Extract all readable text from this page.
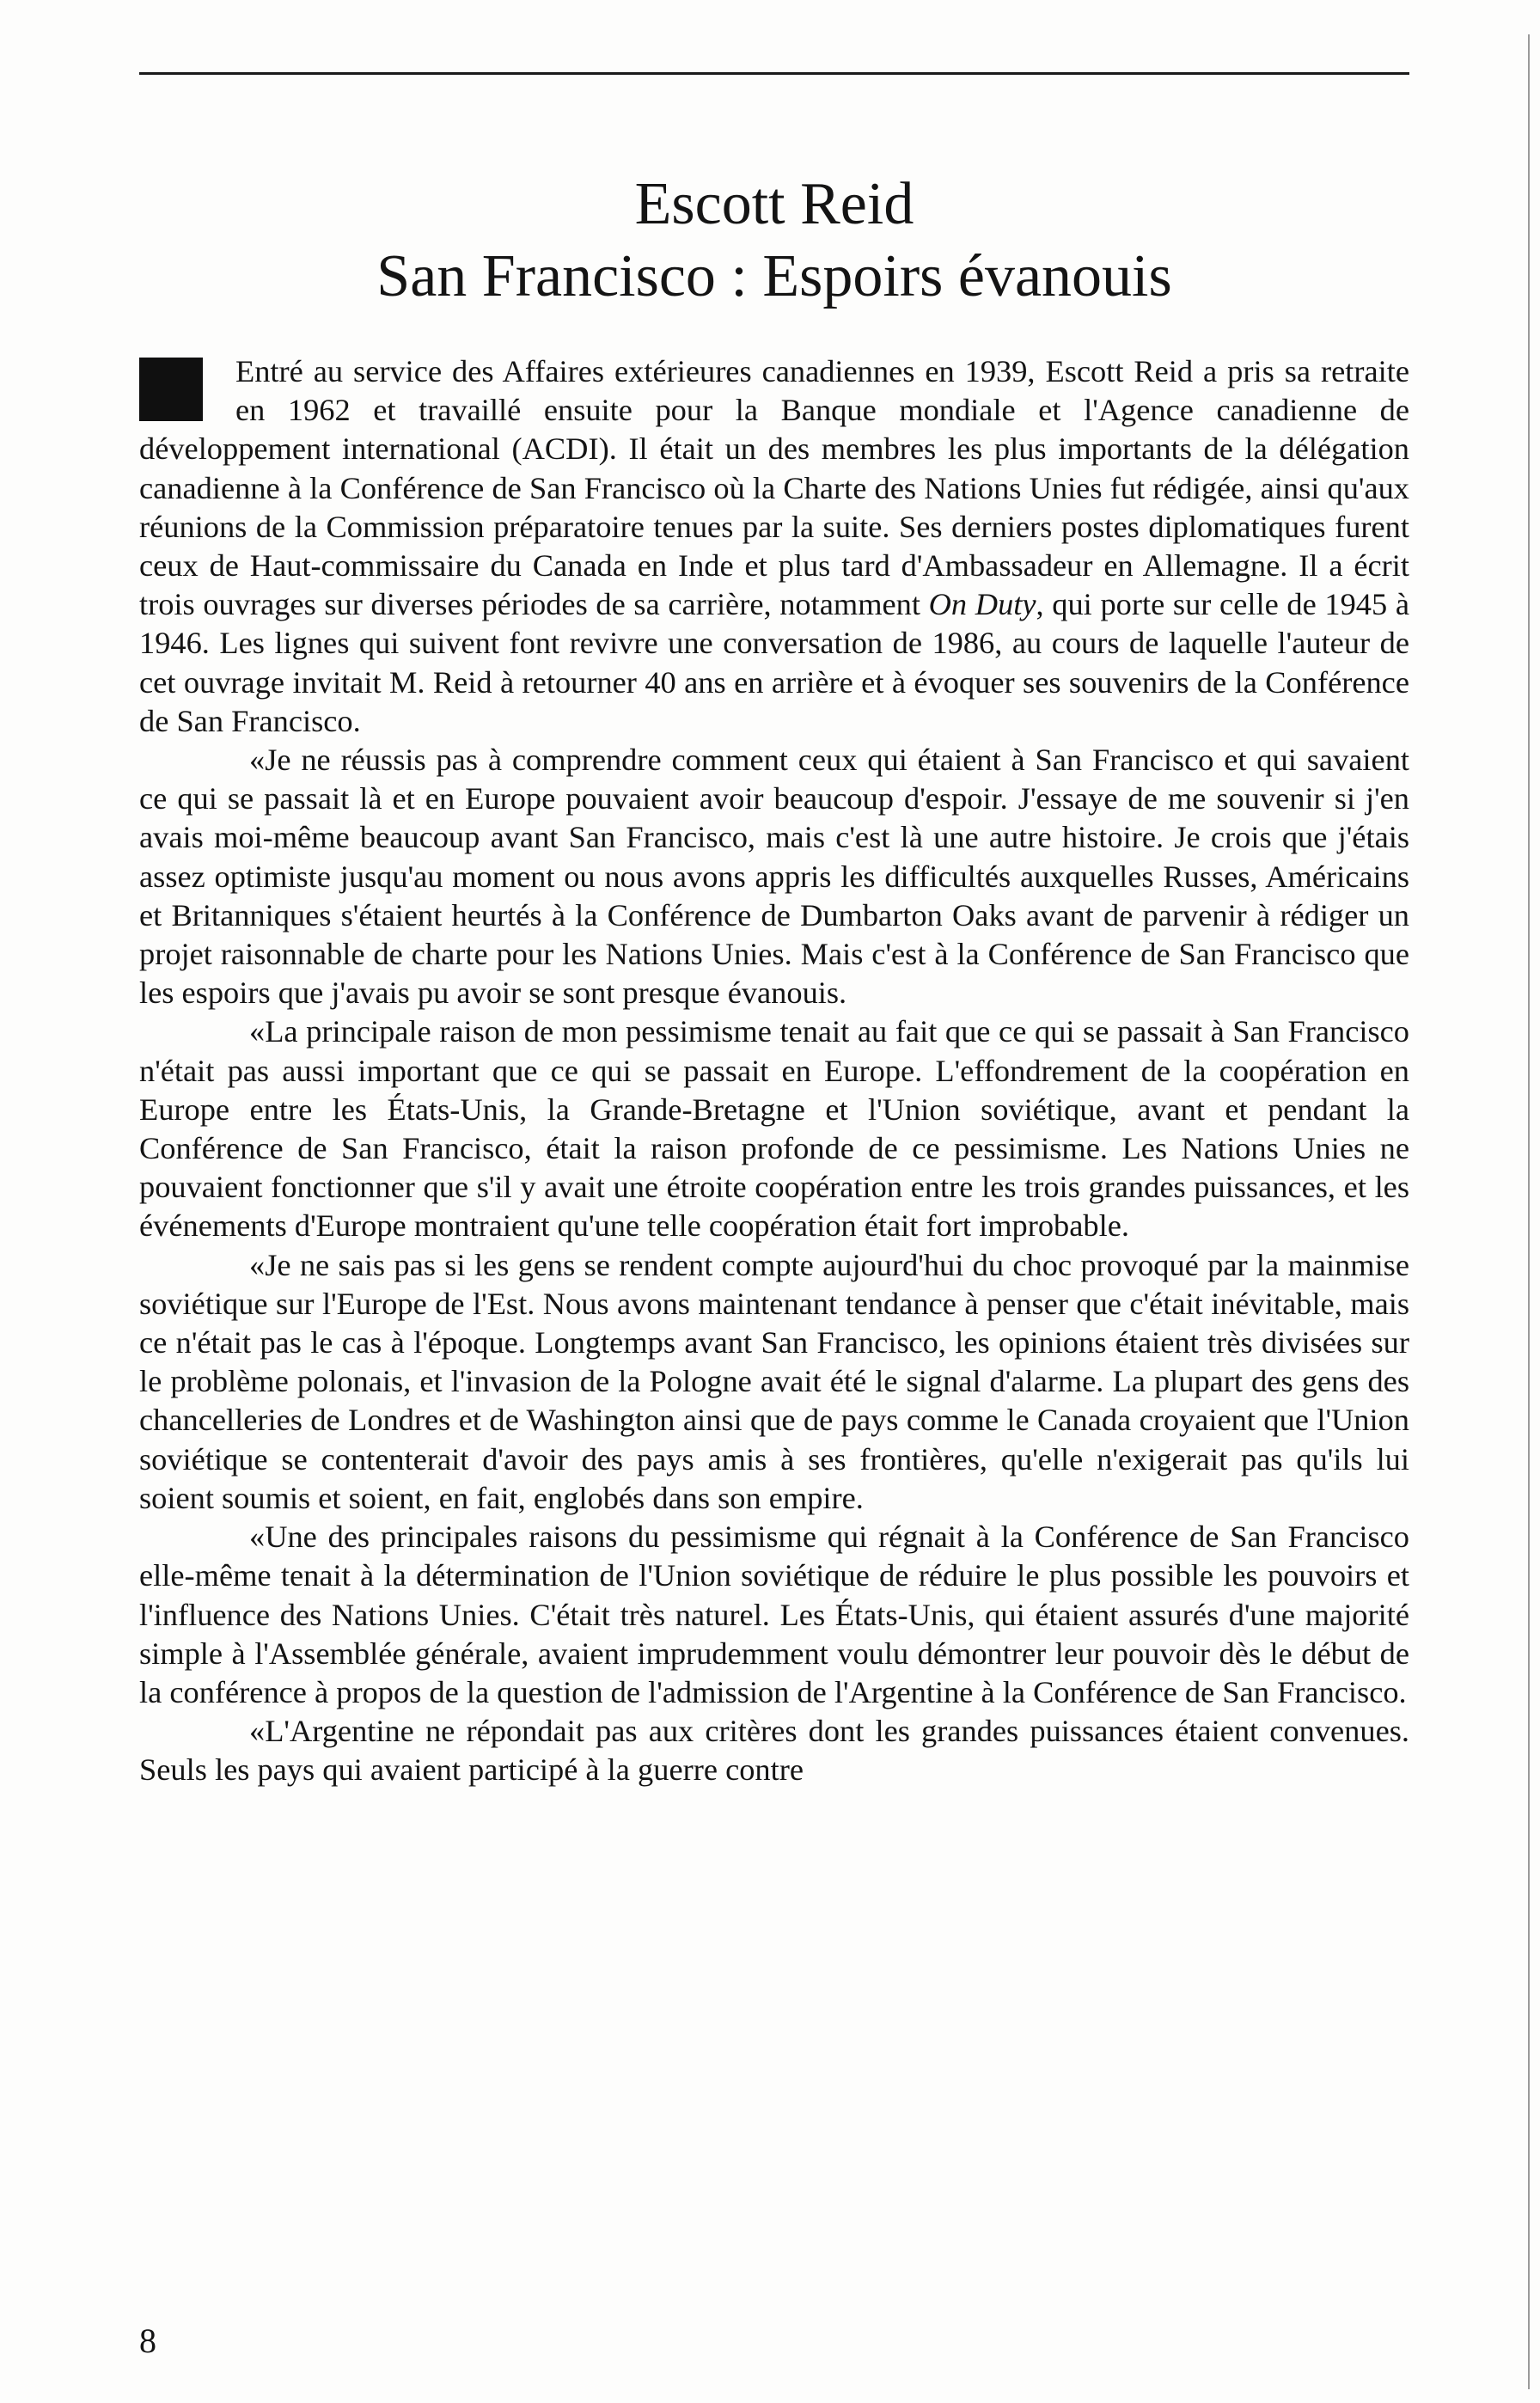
Escott Reid
San Francisco : Espoirs évanouis

Entré au service des Affaires extérieures canadiennes en 1939, Escott Reid a pris sa retraite en 1962 et travaillé ensuite pour la Banque mondiale et l'Agence canadienne de développement international (ACDI). Il était un des membres les plus importants de la délégation canadienne à la Conférence de San Francisco où la Charte des Nations Unies fut rédigée, ainsi qu'aux réunions de la Commission préparatoire tenues par la suite. Ses derniers postes diplomatiques furent ceux de Haut-commissaire du Canada en Inde et plus tard d'Ambassadeur en Allemagne. Il a écrit trois ouvrages sur diverses périodes de sa carrière, notamment On Duty, qui porte sur celle de 1945 à 1946. Les lignes qui suivent font revivre une conversation de 1986, au cours de laquelle l'auteur de cet ouvrage invitait M. Reid à retourner 40 ans en arrière et à évoquer ses souvenirs de la Conférence de San Francisco.

«Je ne réussis pas à comprendre comment ceux qui étaient à San Francisco et qui savaient ce qui se passait là et en Europe pouvaient avoir beaucoup d'espoir. J'essaye de me souvenir si j'en avais moi-même beaucoup avant San Francisco, mais c'est là une autre histoire. Je crois que j'étais assez optimiste jusqu'au moment ou nous avons appris les difficultés auxquelles Russes, Américains et Britanniques s'étaient heurtés à la Conférence de Dumbarton Oaks avant de parvenir à rédiger un projet raisonnable de charte pour les Nations Unies. Mais c'est à la Conférence de San Francisco que les espoirs que j'avais pu avoir se sont presque évanouis.

«La principale raison de mon pessimisme tenait au fait que ce qui se passait à San Francisco n'était pas aussi important que ce qui se passait en Europe. L'effondrement de la coopération en Europe entre les États-Unis, la Grande-Bretagne et l'Union soviétique, avant et pendant la Conférence de San Francisco, était la raison profonde de ce pessimisme. Les Nations Unies ne pouvaient fonctionner que s'il y avait une étroite coopération entre les trois grandes puissances, et les événements d'Europe montraient qu'une telle coopération était fort improbable.

«Je ne sais pas si les gens se rendent compte aujourd'hui du choc provoqué par la mainmise soviétique sur l'Europe de l'Est. Nous avons maintenant tendance à penser que c'était inévitable, mais ce n'était pas le cas à l'époque. Longtemps avant San Francisco, les opinions étaient très divisées sur le problème polonais, et l'invasion de la Pologne avait été le signal d'alarme. La plupart des gens des chancelleries de Londres et de Washington ainsi que de pays comme le Canada croyaient que l'Union soviétique se contenterait d'avoir des pays amis à ses frontières, qu'elle n'exigerait pas qu'ils lui soient soumis et soient, en fait, englobés dans son empire.

«Une des principales raisons du pessimisme qui régnait à la Conférence de San Francisco elle-même tenait à la détermination de l'Union soviétique de réduire le plus possible les pouvoirs et l'influence des Nations Unies. C'était très naturel. Les États-Unis, qui étaient assurés d'une majorité simple à l'Assemblée générale, avaient imprudemment voulu démontrer leur pouvoir dès le début de la conférence à propos de la question de l'admission de l'Argentine à la Conférence de San Francisco.

«L'Argentine ne répondait pas aux critères dont les grandes puissances étaient convenues. Seuls les pays qui avaient participé à la guerre contre

8
